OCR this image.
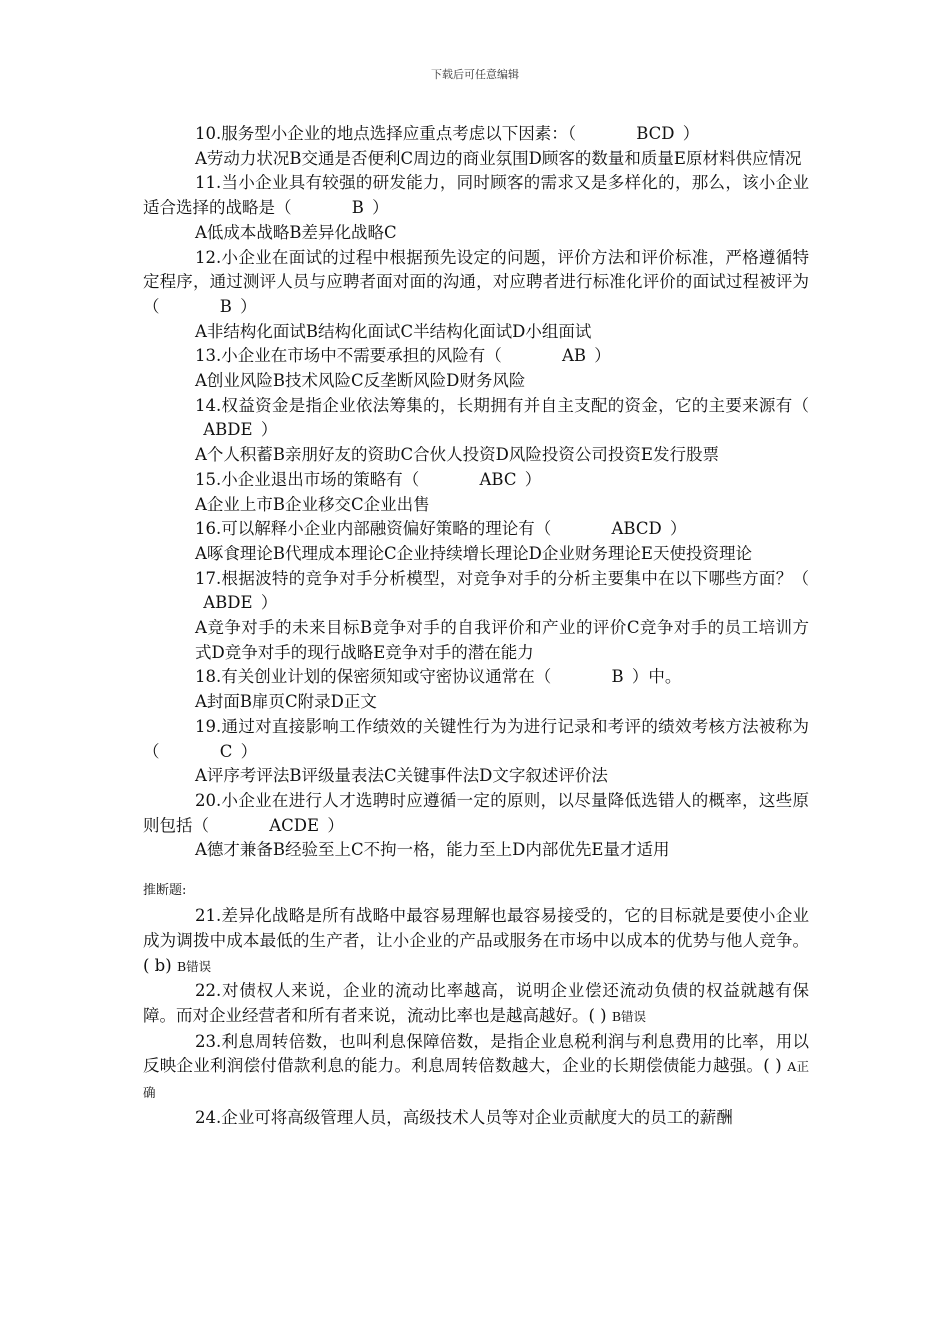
下载后可任意编辑

10.服务型小企业的地点选择应重点考虑以下因素：（	BCD ）

A劳动力状况B交通是否便利C周边的商业氛围D顾客的数量和质量E原材料供应情况

11.当小企业具有较强的研发能力，同时顾客的需求又是多样化的，那么，该小企业适合选择的战略是（	B ）

A低成本战略B差异化战略C

12.小企业在面试的过程中根据预先设定的问题，评价方法和评价标准，严格遵循特定程序，通过测评人员与应聘者面对面的沟通，对应聘者进行标准化评价的面试过程被评为（	B ）

A非结构化面试B结构化面试C半结构化面试D小组面试

13.小企业在市场中不需要承担的风险有（	AB ）

A创业风险B技术风险C反垄断风险D财务风险

14.权益资金是指企业依法筹集的，长期拥有并自主支配的资金，它的主要来源有（ABDE ）

A个人积蓄B亲朋好友的资助C合伙人投资D风险投资公司投资E发行股票

15.小企业退出市场的策略有（	ABC ）

A企业上市B企业移交C企业出售

16.可以解释小企业内部融资偏好策略的理论有（	ABCD ）

A啄食理论B代理成本理论C企业持续增长理论D企业财务理论E天使投资理论

17.根据波特的竞争对手分析模型，对竞争对手的分析主要集中在以下哪些方面？（ABDE ）

A竞争对手的未来目标B竞争对手的自我评价和产业的评价C竞争对手的员工培训方式D竞争对手的现行战略E竞争对手的潜在能力

18.有关创业计划的保密须知或守密协议通常在（	B ）中。

A封面B扉页C附录D正文

19.通过对直接影响工作绩效的关键性行为为进行记录和考评的绩效考核方法被称为（	C ）

A评序考评法B评级量表法C关键事件法D文字叙述评价法

20.小企业在进行人才选聘时应遵循一定的原则，以尽量降低选错人的概率，这些原则包括（	ACDE ）

A德才兼备B经验至上C不拘一格，能力至上D内部优先E量才适用

推断题:

21.差异化战略是所有战略中最容易理解也最容易接受的，它的目标就是要使小企业成为调拨中成本最低的生产者，让小企业的产品或服务在市场中以成本的优势与他人竞争。( b) B错误

22.对债权人来说，企业的流动比率越高，说明企业偿还流动负债的权益就越有保障。而对企业经营者和所有者来说，流动比率也是越高越好。( ) B错误

23.利息周转倍数，也叫利息保障倍数，是指企业息税利润与利息费用的比率，用以反映企业利润偿付借款利息的能力。利息周转倍数越大，企业的长期偿债能力越强。( ) A正确

24.企业可将高级管理人员，高级技术人员等对企业贡献度大的员工的薪酬
